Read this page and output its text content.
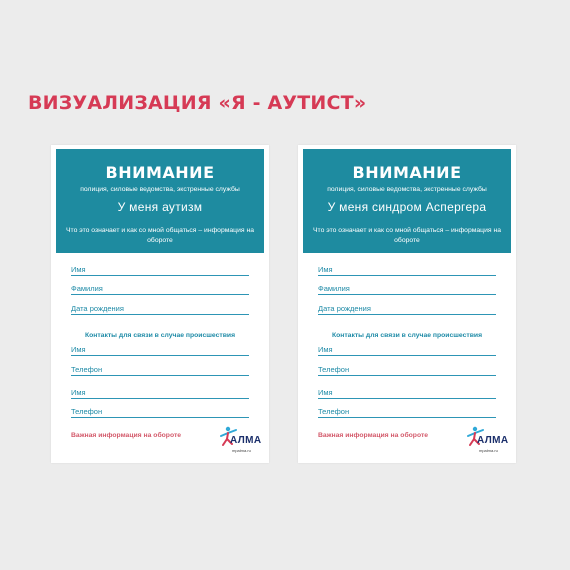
ВИЗУАЛИЗАЦИЯ «Я - АУТИСТ»
ВНИМАНИЕ
полиция, силовые ведомства, экстренные службы
У меня аутизм
Что это означает и как со мной общаться – информация на обороте
Имя
Фамилия
Дата рождения
Контакты для связи в случае происшествия
Имя
Телефон
Имя
Телефон
Важная информация на обороте	АЛМА
mpalma.ru
ВНИМАНИЕ
полиция, силовые ведомства, экстренные службы
У меня синдром Аспергера
Что это означает и как со мной общаться – информация на обороте
Имя
Фамилия
Дата рождения
Контакты для связи в случае происшествия
Имя
Телефон
Имя
Телефон
Важная информация на обороте	АЛМА
mpalma.ru
